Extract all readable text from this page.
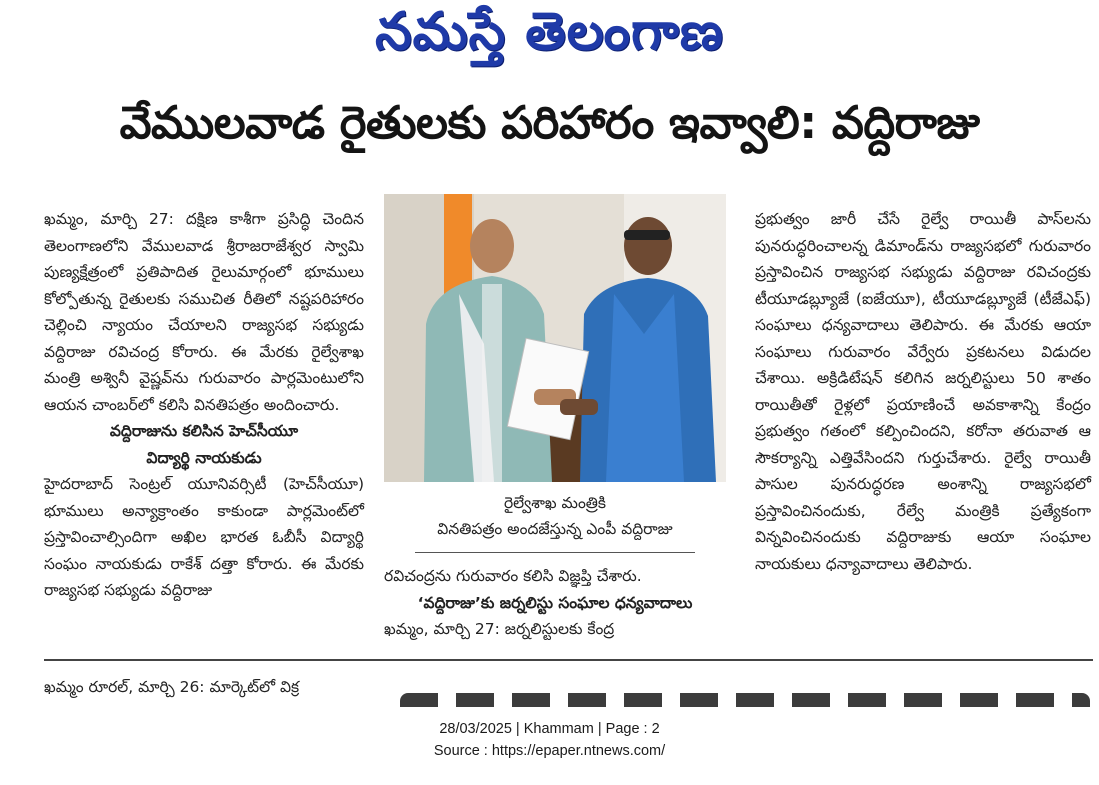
నమస్తే తెలంగాణ
వేములవాడ రైతులకు పరిహారం ఇవ్వాలి: వద్దిరాజు

ఖమ్మం, మార్చి 27: దక్షిణ కాశీగా ప్రసిద్ధి చెందిన తెలంగాణలోని వేములవాడ శ్రీరాజరాజేశ్వర స్వామి పుణ్యక్షేత్రంలో ప్రతిపాదిత రైలుమార్గంలో భూములు కోల్పోతున్న రైతులకు సముచిత రీతిలో నష్టపరిహారం చెల్లించి న్యాయం చేయాలని రాజ్యసభ సభ్యుడు వద్దిరాజు రవిచంద్ర కోరారు. ఈ మేరకు రైల్వేశాఖ మంత్రి అశ్వినీ వైష్ణవ్‌ను గురువారం పార్లమెంటులోని ఆయన చాంబర్‌లో కలిసి వినతిపత్రం అందించారు.

వద్దిరాజును కలిసిన హెచ్‌సీయూ

విద్యార్థి నాయకుడు

హైదరాబాద్ సెంట్రల్ యూనివర్సిటీ (హెచ్‌సీయూ) భూములు అన్యాక్రాంతం కాకుండా పార్లమెంట్‌లో ప్రస్తావించాల్సిందిగా అఖిల భారత ఓబీసీ విద్యార్థి సంఘం నాయకుడు రాకేశ్ దత్తా కోరారు. ఈ మేరకు రాజ్యసభ సభ్యుడు వద్దిరాజు

రైల్వేశాఖ మంత్రికి
వినతిపత్రం అందజేస్తున్న ఎంపీ వద్దిరాజు

రవిచంద్రను గురువారం కలిసి విజ్ఞప్తి చేశారు.

‘వద్దిరాజు’కు జర్నలిస్టు సంఘాల ధన్యవాదాలు

ఖమ్మం, మార్చి 27: జర్నలిస్టులకు కేంద్ర

ప్రభుత్వం జారీ చేసే రైల్వే రాయితీ పాస్‌లను పునరుద్ధరించాలన్న డిమాండ్‌ను రాజ్యసభలో గురువారం ప్రస్తావించిన రాజ్యసభ సభ్యుడు వద్దిరాజు రవిచంద్రకు టీయూడబ్ల్యూజే (ఐజేయూ), టీయూడబ్ల్యూజే (టీజేఎఫ్) సంఘాలు ధన్యవాదాలు తెలిపారు. ఈ మేరకు ఆయా సంఘాలు గురువారం వేర్వేరు ప్రకటనలు విడుదల చేశాయి. అక్రిడిటేషన్ కలిగిన జర్నలిస్టులు 50 శాతం రాయితీతో రైళ్లలో ప్రయాణించే అవకాశాన్ని కేంద్రం ప్రభుత్వం గతంలో కల్పించిందని, కరోనా తరువాత ఆ సౌకర్యాన్ని ఎత్తివేసిందని గుర్తుచేశారు. రైల్వే రాయితీ పాసుల పునరుద్ధరణ అంశాన్ని రాజ్యసభలో ప్రస్తావించినందుకు, రేల్వే మంత్రికి ప్రత్యేకంగా విన్నవించినందుకు వద్దిరాజుకు ఆయా సంఘాల నాయకులు ధన్యావాదాలు తెలిపారు.

ఖమ్మం రూరల్, మార్చి 26: మార్కెట్‌లో విక్ర
28/03/2025 | Khammam | Page : 2
Source : https://epaper.ntnews.com/
